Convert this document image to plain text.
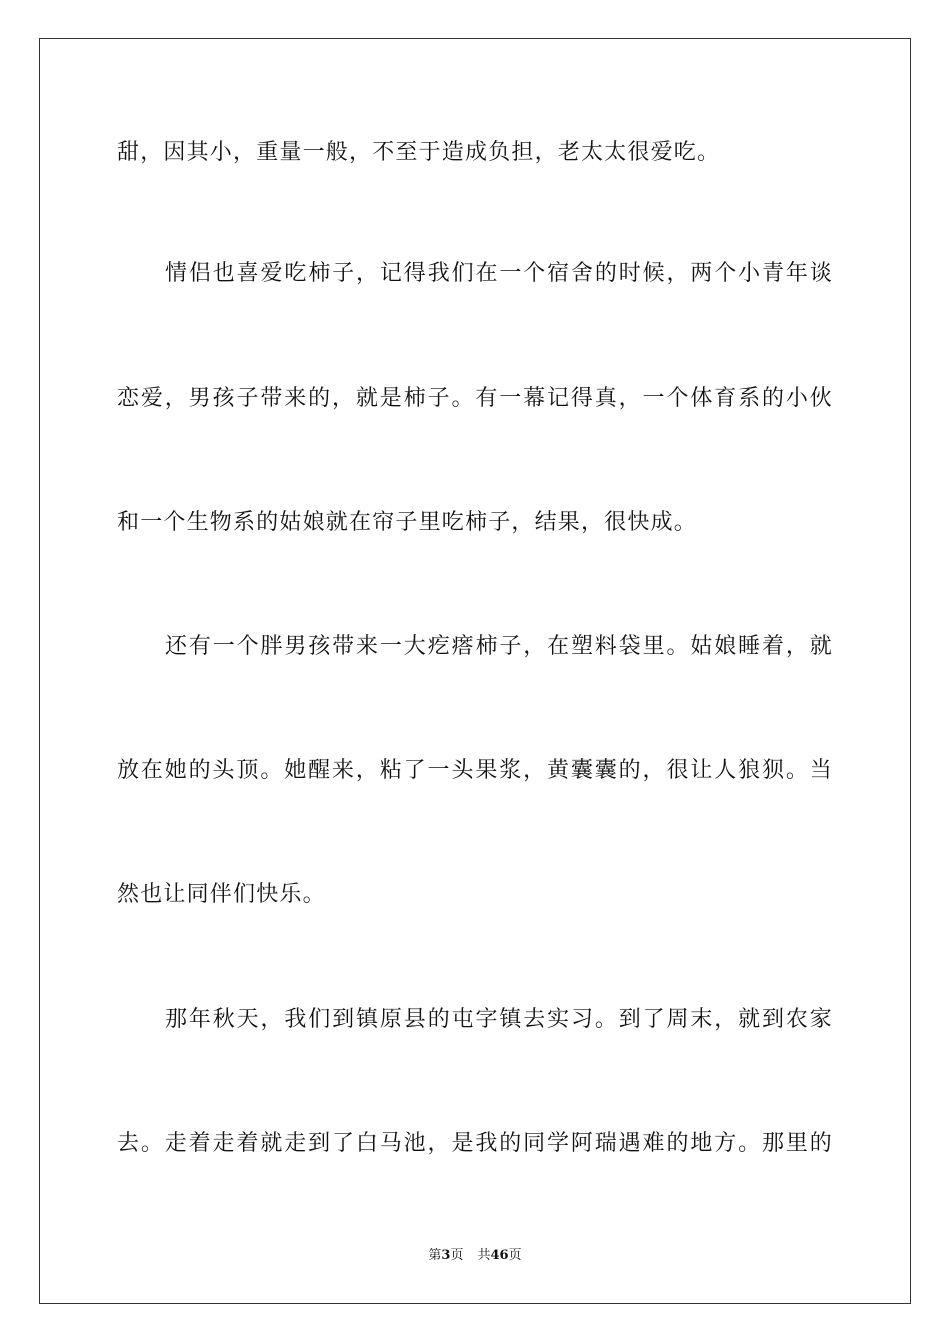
甜，因其小，重量一般，不至于造成负担，老太太很爱吃。
情侣也喜爱吃柿子，记得我们在一个宿舍的时候，两个小青年谈
恋爱，男孩子带来的，就是柿子。有一幕记得真，一个体育系的小伙
和一个生物系的姑娘就在帘子里吃柿子，结果，很快成。
还有一个胖男孩带来一大疙瘩柿子，在塑料袋里。姑娘睡着，就
放在她的头顶。她醒来，粘了一头果浆，黄囊囊的，很让人狼狈。当
然也让同伴们快乐。
那年秋天，我们到镇原县的屯字镇去实习。到了周末，就到农家
去。走着走着就走到了白马池，是我的同学阿瑞遇难的地方。那里的
第3页 共46页
